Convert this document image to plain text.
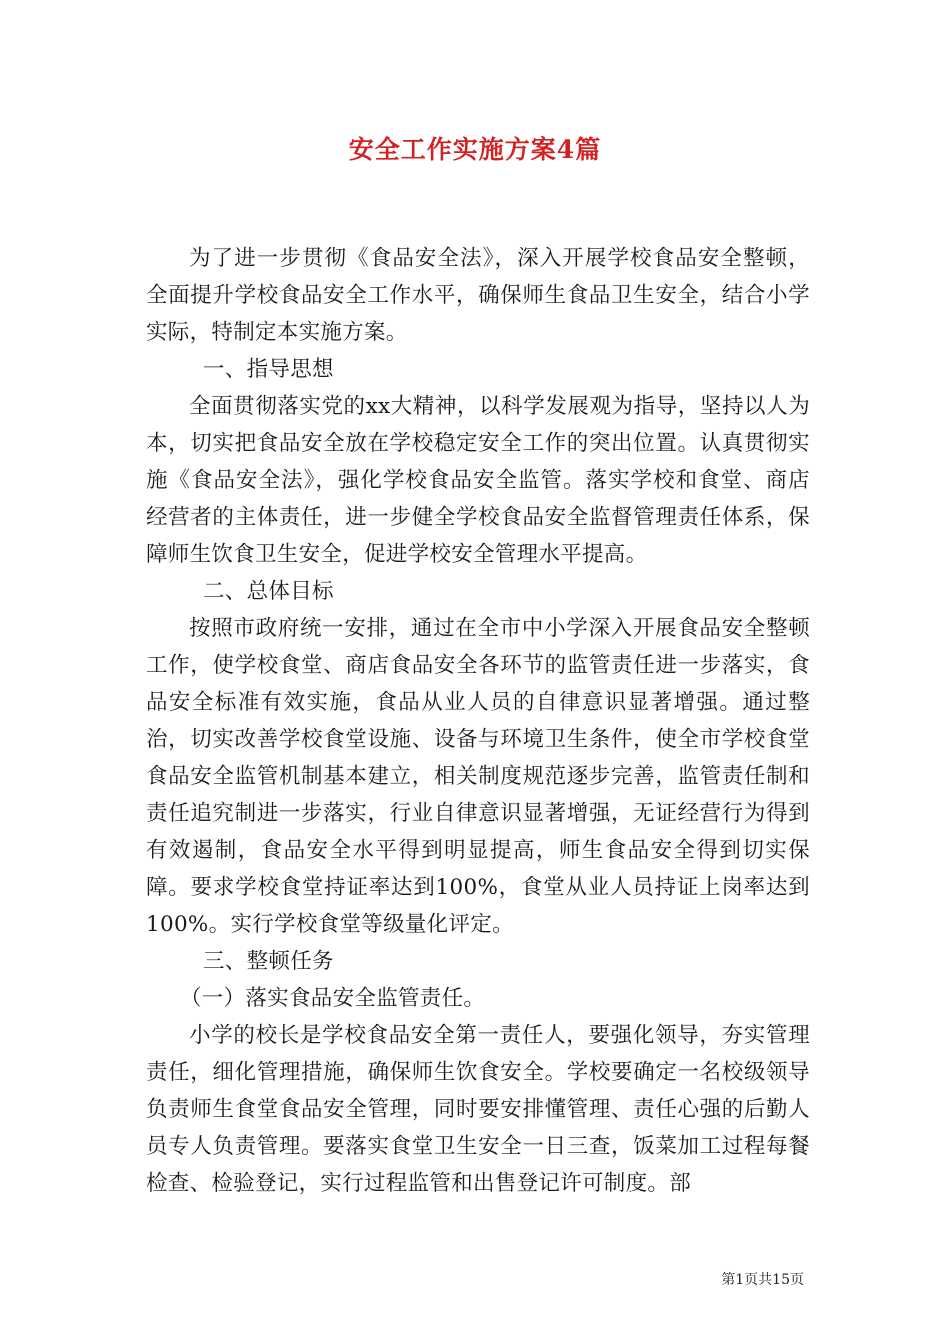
安全工作实施方案4篇

为了进一步贯彻《食品安全法》，深入开展学校食品安全整顿，全面提升学校食品安全工作水平，确保师生食品卫生安全，结合小学实际，特制定本实施方案。

一、指导思想

全面贯彻落实党的xx大精神，以科学发展观为指导，坚持以人为本，切实把食品安全放在学校稳定安全工作的突出位置。认真贯彻实施《食品安全法》，强化学校食品安全监管。落实学校和食堂、商店经营者的主体责任，进一步健全学校食品安全监督管理责任体系，保障师生饮食卫生安全，促进学校安全管理水平提高。

二、总体目标

按照市政府统一安排，通过在全市中小学深入开展食品安全整顿工作，使学校食堂、商店食品安全各环节的监管责任进一步落实，食品安全标准有效实施，食品从业人员的自律意识显著增强。通过整治，切实改善学校食堂设施、设备与环境卫生条件，使全市学校食堂食品安全监管机制基本建立，相关制度规范逐步完善，监管责任制和责任追究制进一步落实，行业自律意识显著增强，无证经营行为得到有效遏制，食品安全水平得到明显提高，师生食品安全得到切实保障。要求学校食堂持证率达到100%，食堂从业人员持证上岗率达到100%。实行学校食堂等级量化评定。

三、整顿任务

（一）落实食品安全监管责任。

小学的校长是学校食品安全第一责任人，要强化领导，夯实管理责任，细化管理措施，确保师生饮食安全。学校要确定一名校级领导负责师生食堂食品安全管理，同时要安排懂管理、责任心强的后勤人员专人负责管理。要落实食堂卫生安全一日三查，饭菜加工过程每餐检查、检验登记，实行过程监管和出售登记许可制度。部

第1页共15页
